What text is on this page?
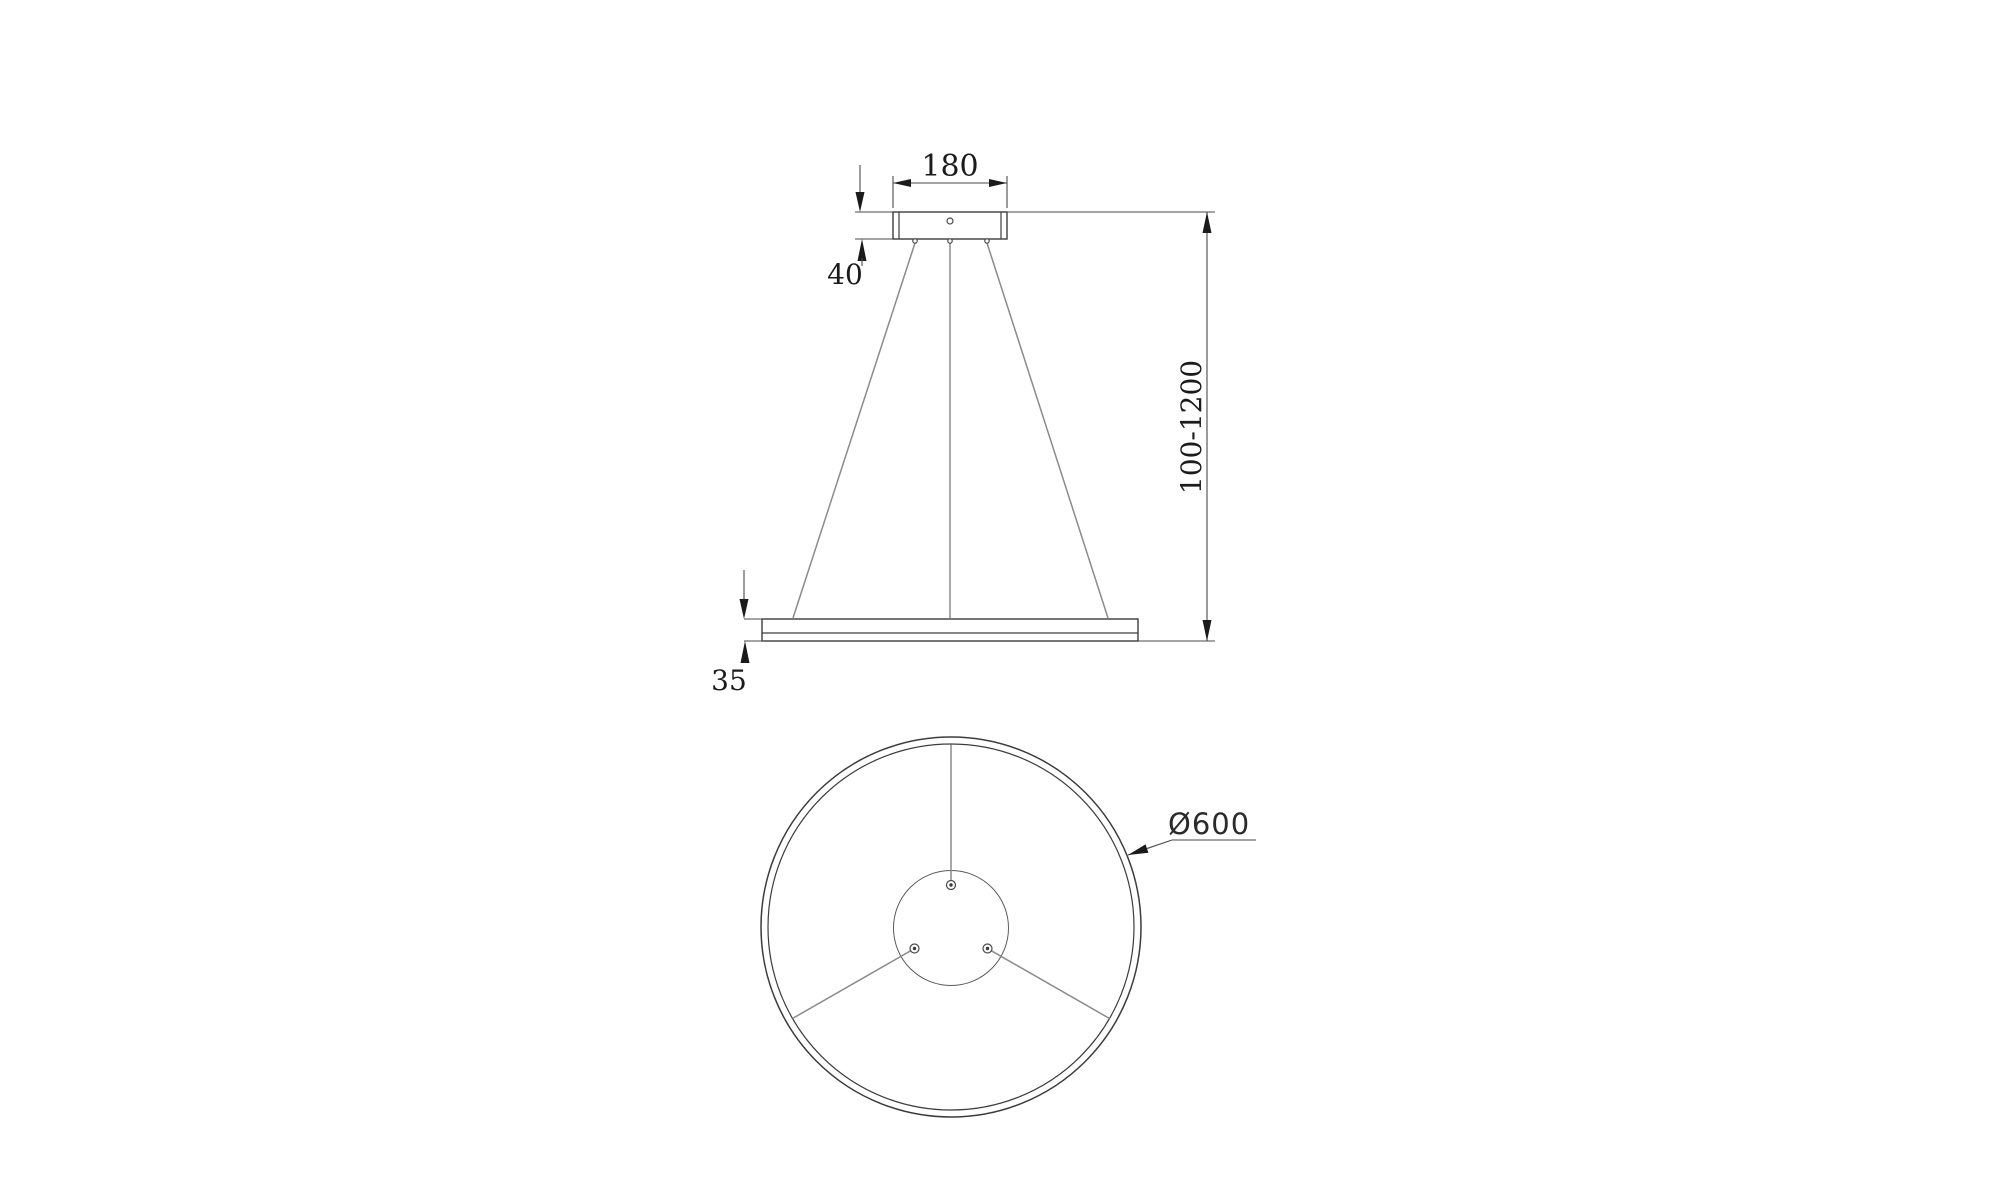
180
40
100-1200
35
Ø600
